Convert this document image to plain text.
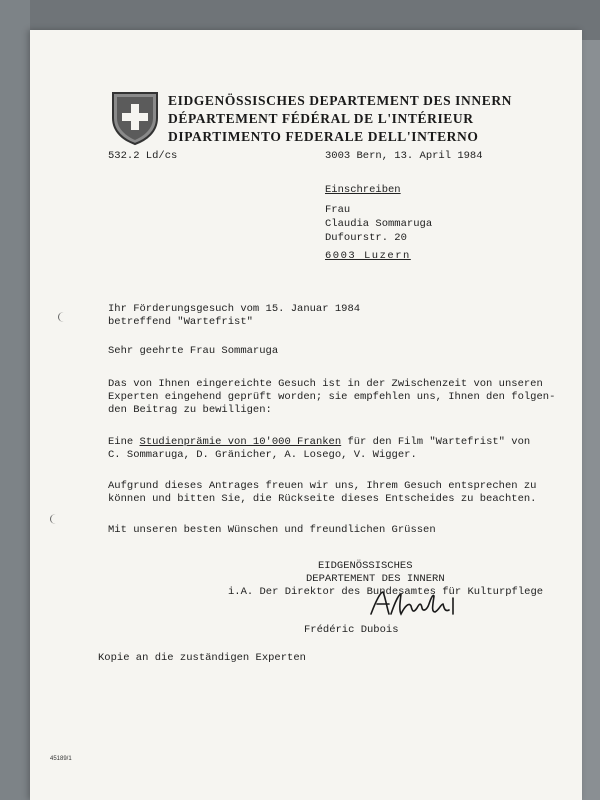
EIDGENÖSSISCHES DEPARTEMENT DES INNERN
DÉPARTEMENT FÉDÉRAL DE L'INTÉRIEUR
DIPARTIMENTO FEDERALE DELL'INTERNO
532.2 Ld/cs	3003 Bern, 13. April 1984
Einschreiben
Frau
Claudia Sommaruga
Dufourstr. 20
6003 Luzern
Ihr Förderungsgesuch vom 15. Januar 1984
betreffend "Wartefrist"
Sehr geehrte Frau Sommaruga
Das von Ihnen eingereichte Gesuch ist in der Zwischenzeit von unseren
Experten eingehend geprüft worden; sie empfehlen uns, Ihnen den folgen-
den Beitrag zu bewilligen:
Eine Studienprämie von 10'000 Franken für den Film "Wartefrist" von
C. Sommaruga, D. Gränicher, A. Losego, V. Wigger.
Aufgrund dieses Antrages freuen wir uns, Ihrem Gesuch entsprechen zu
können und bitten Sie, die Rückseite dieses Entscheides zu beachten.
Mit unseren besten Wünschen und freundlichen Grüssen
EIDGENÖSSISCHES
DEPARTEMENT DES INNERN
i.A. Der Direktor des Bundesamtes für Kulturpflege
Frédéric Dubois
Kopie an die zuständigen Experten
45189/1
